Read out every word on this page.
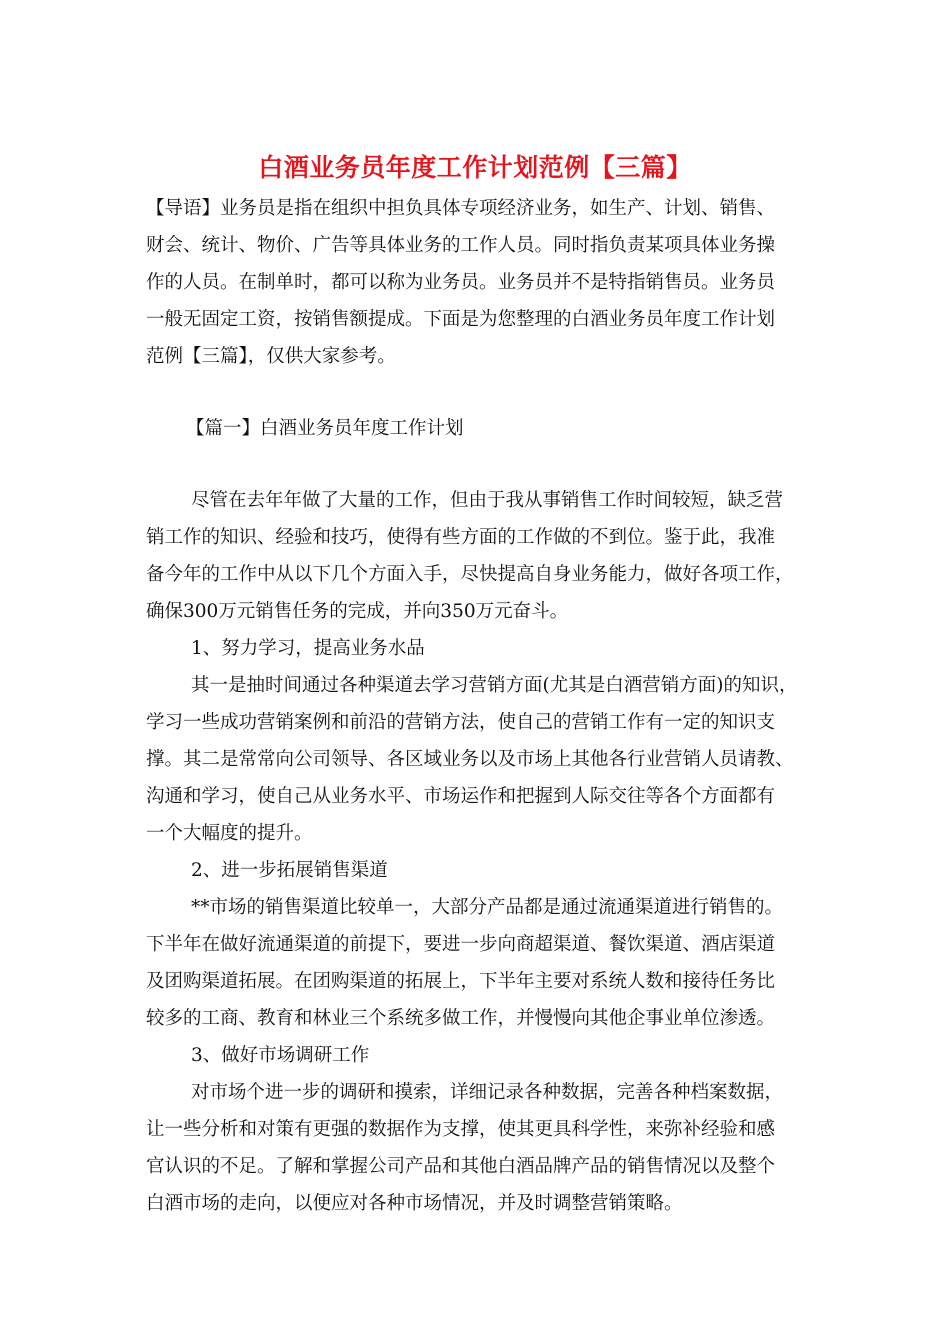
白酒业务员年度工作计划范例【三篇】
【导语】业务员是指在组织中担负具体专项经济业务，如生产、计划、销售、
财会、统计、物价、广告等具体业务的工作人员。同时指负责某项具体业务操
作的人员。在制单时，都可以称为业务员。业务员并不是特指销售员。业务员
一般无固定工资，按销售额提成。下面是为您整理的白酒业务员年度工作计划
范例【三篇】，仅供大家参考。
【篇一】白酒业务员年度工作计划
尽管在去年年做了大量的工作，但由于我从事销售工作时间较短，缺乏营
销工作的知识、经验和技巧，使得有些方面的工作做的不到位。鉴于此，我准
备今年的工作中从以下几个方面入手，尽快提高自身业务能力，做好各项工作，
确保300万元销售任务的完成，并向350万元奋斗。
1、努力学习，提高业务水品
其一是抽时间通过各种渠道去学习营销方面(尤其是白酒营销方面)的知识，
学习一些成功营销案例和前沿的营销方法，使自己的营销工作有一定的知识支
撑。其二是常常向公司领导、各区域业务以及市场上其他各行业营销人员请教、
沟通和学习，使自己从业务水平、市场运作和把握到人际交往等各个方面都有
一个大幅度的提升。
2、进一步拓展销售渠道
**市场的销售渠道比较单一，大部分产品都是通过流通渠道进行销售的。
下半年在做好流通渠道的前提下，要进一步向商超渠道、餐饮渠道、酒店渠道
及团购渠道拓展。在团购渠道的拓展上，下半年主要对系统人数和接待任务比
较多的工商、教育和林业三个系统多做工作，并慢慢向其他企事业单位渗透。
3、做好市场调研工作
对市场个进一步的调研和摸索，详细记录各种数据，完善各种档案数据，
让一些分析和对策有更强的数据作为支撑，使其更具科学性，来弥补经验和感
官认识的不足。了解和掌握公司产品和其他白酒品牌产品的销售情况以及整个
白酒市场的走向，以便应对各种市场情况，并及时调整营销策略。
